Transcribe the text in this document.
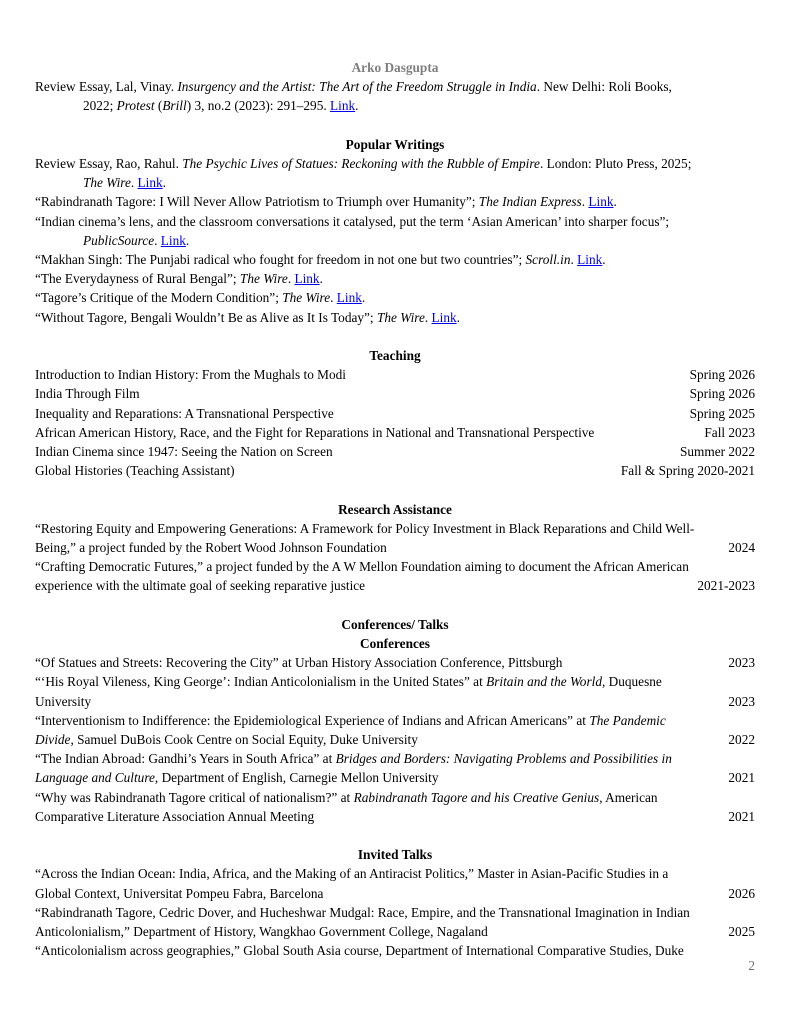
Arko Dasgupta
Review Essay, Lal, Vinay. Insurgency and the Artist: The Art of the Freedom Struggle in India. New Delhi: Roli Books,
2022; Protest (Brill) 3, no.2 (2023): 291–295. Link.
Popular Writings
Review Essay, Rao, Rahul. The Psychic Lives of Statues: Reckoning with the Rubble of Empire. London: Pluto Press, 2025;
The Wire. Link.
“Rabindranath Tagore: I Will Never Allow Patriotism to Triumph over Humanity”; The Indian Express. Link.
“Indian cinema’s lens, and the classroom conversations it catalysed, put the term ‘Asian American’ into sharper focus”;
PublicSource. Link.
“Makhan Singh: The Punjabi radical who fought for freedom in not one but two countries”; Scroll.in. Link.
“The Everydayness of Rural Bengal”; The Wire. Link.
“Tagore’s Critique of the Modern Condition”; The Wire. Link.
“Without Tagore, Bengali Wouldn’t Be as Alive as It Is Today”; The Wire. Link.
Teaching
Introduction to Indian History: From the Mughals to Modi	Spring 2026
India Through Film	Spring 2026
Inequality and Reparations: A Transnational Perspective	Spring 2025
African American History, Race, and the Fight for Reparations in National and Transnational Perspective	Fall 2023
Indian Cinema since 1947: Seeing the Nation on Screen	Summer 2022
Global Histories (Teaching Assistant)	Fall & Spring 2020-2021
Research Assistance
“Restoring Equity and Empowering Generations: A Framework for Policy Investment in Black Reparations and Child Well-
Being,” a project funded by the Robert Wood Johnson Foundation	2024
“Crafting Democratic Futures,” a project funded by the A W Mellon Foundation aiming to document the African American
experience with the ultimate goal of seeking reparative justice	2021-2023
Conferences/ Talks
Conferences
“Of Statues and Streets: Recovering the City” at Urban History Association Conference, Pittsburgh	2023
“‘His Royal Vileness, King George’: Indian Anticolonialism in the United States” at Britain and the World, Duquesne
University	2023
“Interventionism to Indifference: the Epidemiological Experience of Indians and African Americans” at The Pandemic
Divide, Samuel DuBois Cook Centre on Social Equity, Duke University	2022
“The Indian Abroad: Gandhi’s Years in South Africa” at Bridges and Borders: Navigating Problems and Possibilities in
Language and Culture, Department of English, Carnegie Mellon University	2021
“Why was Rabindranath Tagore critical of nationalism?” at Rabindranath Tagore and his Creative Genius, American
Comparative Literature Association Annual Meeting	2021
Invited Talks
“Across the Indian Ocean: India, Africa, and the Making of an Antiracist Politics,” Master in Asian-Pacific Studies in a
Global Context, Universitat Pompeu Fabra, Barcelona	2026
“Rabindranath Tagore, Cedric Dover, and Hucheshwar Mudgal: Race, Empire, and the Transnational Imagination in Indian
Anticolonialism,” Department of History, Wangkhao Government College, Nagaland	2025
“Anticolonialism across geographies,” Global South Asia course, Department of International Comparative Studies, Duke
2
